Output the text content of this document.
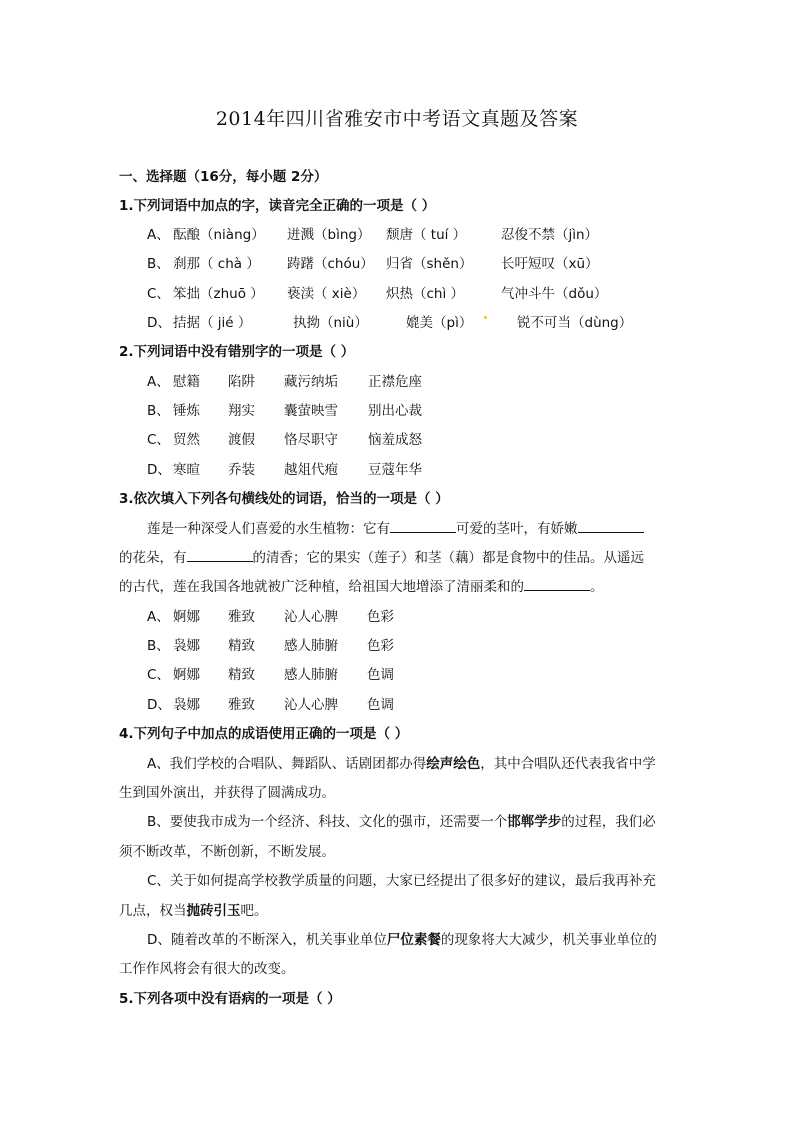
2014年四川省雅安市中考语文真题及答案
一、选择题（16分，每小题 2分）
1.下列词语中加点的字，读音完全正确的一项是（ ）
A、 酝酿（niàng） 迸溅（bìng） 颓唐（ tuí ）	忍俊不禁（jìn）
B、 刹那（ chà ） 踌躇（chóu） 归省（shěn） 长吁短叹（xū）
C、 笨拙（zhuō ） 亵渎（ xiè） 炽热（chì ）	气冲斗牛（dǒu）
D、 拮据（ jié ）	执拗（niù）	媲美（pì）	锐不可当（dùng）
2.下列词语中没有错别字的一项是（ ）
A、 慰籍 陷阱 藏污纳垢 正襟危座
B、 锤炼 翔实 囊萤映雪 别出心裁
C、 贸然 渡假 恪尽职守 恼羞成怒
D、 寒暄 乔装 越俎代疱 豆蔻年华
3.依次填入下列各句横线处的词语，恰当的一项是（ ）
莲是一种深受人们喜爱的水生植物：它有	可爱的茎叶，有娇嫩
的花朵，有	的清香；它的果实（莲子）和茎（藕）都是食物中的佳品。从遥远
的古代，莲在我国各地就被广泛种植，给祖国大地增添了清丽柔和的	。
A、 婀娜 雅致 沁人心脾 色彩
B、 袅娜 精致 感人肺腑 色彩
C、 婀娜 精致 感人肺腑 色调
D、 袅娜 雅致 沁人心脾 色调
4.下列句子中加点的成语使用正确的一项是（ ）
A、我们学校的合唱队、舞蹈队、话剧团都办得绘声绘色，其中合唱队还代表我省中学
生到国外演出，并获得了圆满成功。
B、要使我市成为一个经济、科技、文化的强市，还需要一个邯郸学步的过程，我们必
须不断改革，不断创新，不断发展。
C、关于如何提高学校教学质量的问题，大家已经提出了很多好的建议，最后我再补充
几点，权当抛砖引玉吧。
D、随着改革的不断深入，机关事业单位尸位素餐的现象将大大减少，机关事业单位的
工作作风将会有很大的改变。
5.下列各项中没有语病的一项是（ ）
